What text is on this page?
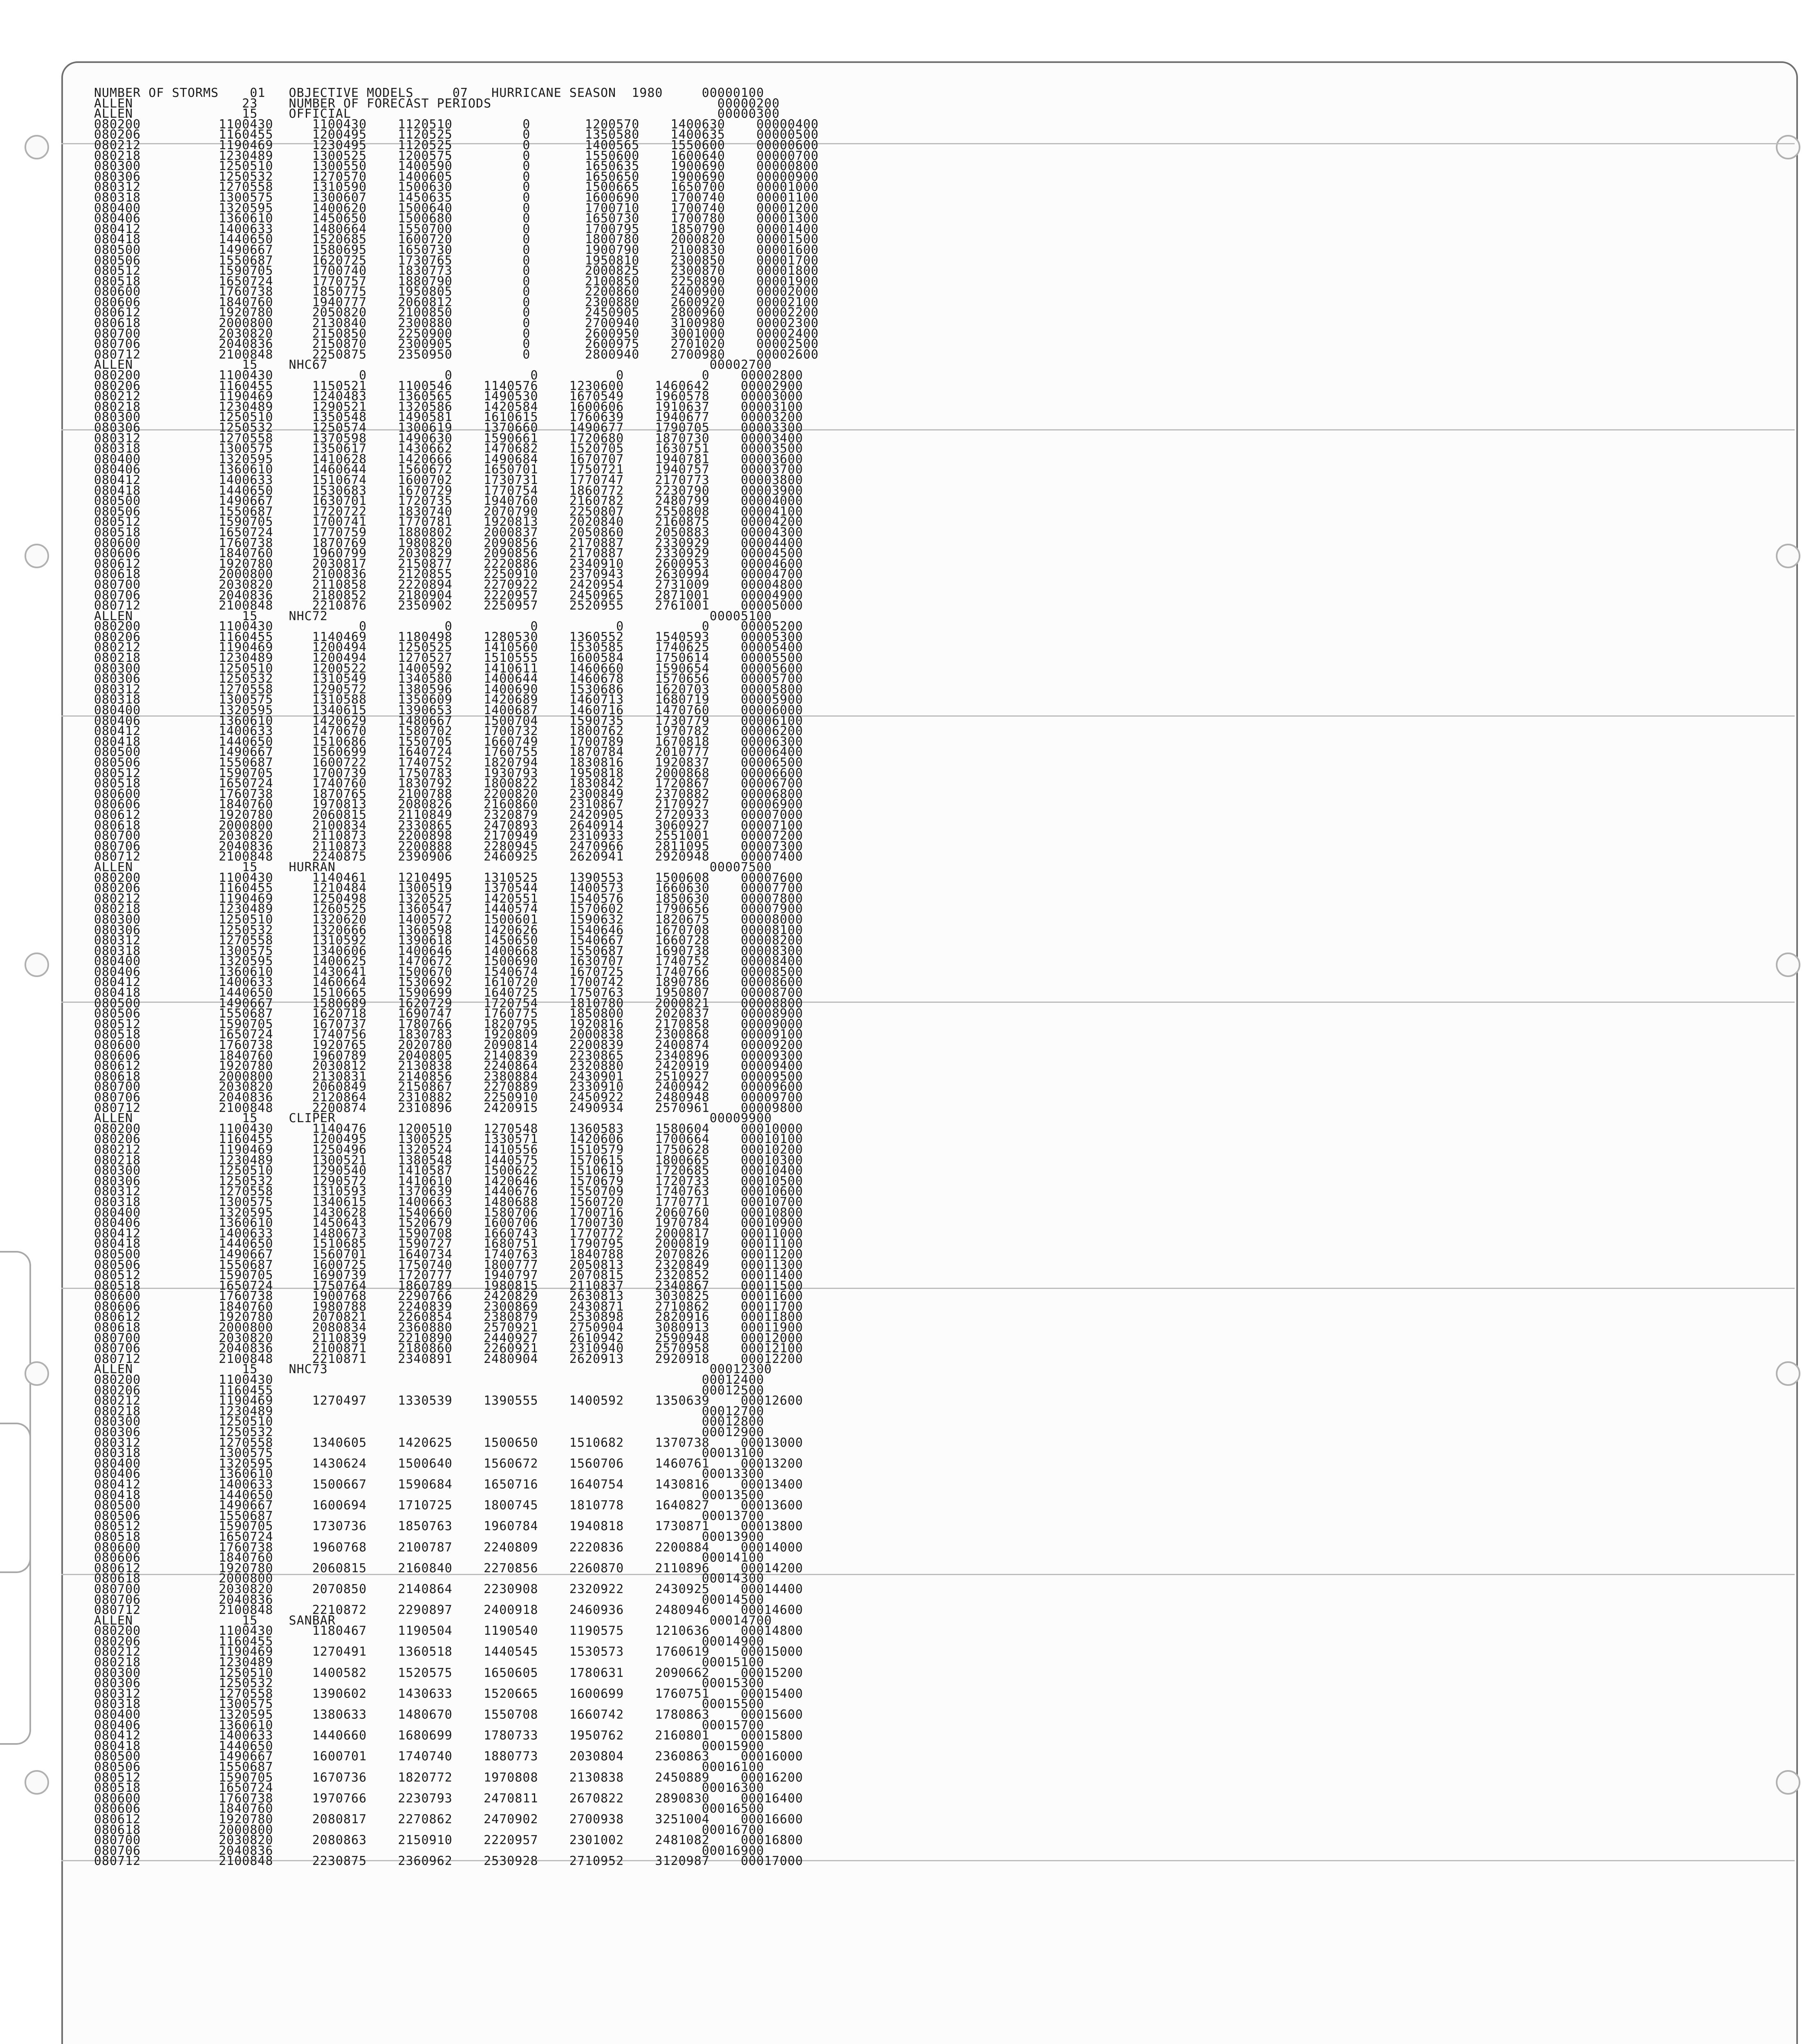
NUMBER OF STORMS    01   OBJECTIVE MODELS     07   HURRICANE SEASON  1980     00000100
ALLEN              23    NUMBER OF FORECAST PERIODS                             00000200
ALLEN              15    OFFICIAL                                               00000300
080200          1100430     1100430    1120510         0       1200570    1400630    00000400
080206          1160455     1200495    1120525         0       1350580    1400635    00000500
080212          1190469     1230495    1120525         0       1400565    1550600    00000600
080218          1230489     1300525    1200575         0       1550600    1600640    00000700
080300          1250510     1300550    1400590         0       1650635    1900690    00000800
080306          1250532     1270570    1400605         0       1650650    1900690    00000900
080312          1270558     1310590    1500630         0       1500665    1650700    00001000
080318          1300575     1300607    1450635         0       1600690    1700740    00001100
080400          1320595     1400620    1500640         0       1700710    1700740    00001200
080406          1360610     1450650    1500680         0       1650730    1700780    00001300
080412          1400633     1480664    1550700         0       1700795    1850790    00001400
080418          1440650     1520685    1600720         0       1800780    2000820    00001500
080500          1490667     1580695    1650730         0       1900790    2100830    00001600
080506          1550687     1620725    1730765         0       1950810    2300850    00001700
080512          1590705     1700740    1830773         0       2000825    2300870    00001800
080518          1650724     1770757    1880790         0       2100850    2250890    00001900
080600          1760738     1850775    1950805         0       2200860    2400900    00002000
080606          1840760     1940777    2060812         0       2300880    2600920    00002100
080612          1920780     2050820    2100850         0       2450905    2800960    00002200
080618          2000800     2130840    2300880         0       2700940    3100980    00002300
080700          2030820     2150850    2250900         0       2600950    3001000    00002400
080706          2040836     2150870    2300905         0       2600975    2701020    00002500
080712          2100848     2250875    2350950         0       2800940    2700980    00002600
ALLEN              15    NHC67                                                 00002700
080200          1100430           0          0          0          0          0    00002800
080206          1160455     1150521    1100546    1140576    1230600    1460642    00002900
080212          1190469     1240483    1360565    1490530    1670549    1960578    00003000
080218          1230489     1290521    1320586    1420584    1600606    1910637    00003100
080300          1250510     1350548    1490581    1610615    1760639    1940677    00003200
080306          1250532     1250574    1300619    1370660    1490677    1790705    00003300
080312          1270558     1370598    1490630    1590661    1720680    1870730    00003400
080318          1300575     1350617    1430662    1470682    1520705    1630751    00003500
080400          1320595     1410628    1420666    1490684    1670707    1940781    00003600
080406          1360610     1460644    1560672    1650701    1750721    1940757    00003700
080412          1400633     1510674    1600702    1730731    1770747    2170773    00003800
080418          1440650     1530683    1670729    1770754    1860772    2230790    00003900
080500          1490667     1630701    1720735    1940760    2160782    2480799    00004000
080506          1550687     1720722    1830740    2070790    2250807    2550808    00004100
080512          1590705     1700741    1770781    1920813    2020840    2160875    00004200
080518          1650724     1770759    1880802    2000837    2050860    2050883    00004300
080600          1760738     1870769    1980820    2090856    2170887    2330929    00004400
080606          1840760     1960799    2030829    2090856    2170887    2330929    00004500
080612          1920780     2030817    2150877    2220886    2340910    2600953    00004600
080618          2000800     2100836    2120855    2250910    2370943    2630994    00004700
080700          2030820     2110858    2220894    2270922    2420954    2731009    00004800
080706          2040836     2180852    2180904    2220957    2450965    2871001    00004900
080712          2100848     2210876    2350902    2250957    2520955    2761001    00005000
ALLEN              15    NHC72                                                 00005100
080200          1100430           0          0          0          0          0    00005200
080206          1160455     1140469    1180498    1280530    1360552    1540593    00005300
080212          1190469     1200494    1250525    1410560    1530585    1740625    00005400
080218          1230489     1200494    1270527    1510555    1600584    1750614    00005500
080300          1250510     1200522    1400592    1410611    1460660    1590654    00005600
080306          1250532     1310549    1340580    1400644    1460678    1570656    00005700
080312          1270558     1290572    1380596    1400690    1530686    1620703    00005800
080318          1300575     1310588    1350609    1420689    1460713    1680719    00005900
080400          1320595     1340615    1390653    1400687    1460716    1470760    00006000
080406          1360610     1420629    1480667    1500704    1590735    1730779    00006100
080412          1400633     1470670    1580702    1700732    1800762    1970782    00006200
080418          1440650     1510686    1550705    1660749    1700789    1670818    00006300
080500          1490667     1560699    1640724    1760755    1870784    2010777    00006400
080506          1550687     1600722    1740752    1820794    1830816    1920837    00006500
080512          1590705     1700739    1750783    1930793    1950818    2000868    00006600
080518          1650724     1740760    1830792    1800822    1830842    1720867    00006700
080600          1760738     1870765    2100788    2200820    2300849    2370882    00006800
080606          1840760     1970813    2080826    2160860    2310867    2170927    00006900
080612          1920780     2060815    2110849    2320879    2420905    2720933    00007000
080618          2000800     2100834    2330865    2470893    2640914    3060927    00007100
080700          2030820     2110873    2200898    2170949    2310933    2551001    00007200
080706          2040836     2110873    2200888    2280945    2470966    2811095    00007300
080712          2100848     2240875    2390906    2460925    2620941    2920948    00007400
ALLEN              15    HURRAN                                                00007500
080200          1100430     1140461    1210495    1310525    1390553    1500608    00007600
080206          1160455     1210484    1300519    1370544    1400573    1660630    00007700
080212          1190469     1250498    1320525    1420551    1540576    1850630    00007800
080218          1230489     1260525    1360547    1440574    1570602    1790656    00007900
080300          1250510     1320620    1400572    1500601    1590632    1820675    00008000
080306          1250532     1320666    1360598    1420626    1540646    1670708    00008100
080312          1270558     1310592    1390618    1450650    1540667    1660728    00008200
080318          1300575     1340606    1400646    1400668    1550687    1690738    00008300
080400          1320595     1400625    1470672    1500690    1630707    1740752    00008400
080406          1360610     1430641    1500670    1540674    1670725    1740766    00008500
080412          1400633     1460664    1530692    1610720    1700742    1890786    00008600
080418          1440650     1510665    1590699    1640725    1750763    1950807    00008700
080500          1490667     1580689    1620729    1720754    1810780    2000821    00008800
080506          1550687     1620718    1690747    1760775    1850800    2020837    00008900
080512          1590705     1670737    1780766    1820795    1920816    2170858    00009000
080518          1650724     1740756    1830783    1920809    2000838    2300868    00009100
080600          1760738     1920765    2020780    2090814    2200839    2400874    00009200
080606          1840760     1960789    2040805    2140839    2230865    2340896    00009300
080612          1920780     2030812    2130838    2240864    2320880    2420919    00009400
080618          2000800     2130831    2140856    2380884    2430901    2510927    00009500
080700          2030820     2060849    2150867    2270889    2330910    2400942    00009600
080706          2040836     2120864    2310882    2250910    2450922    2480948    00009700
080712          2100848     2200874    2310896    2420915    2490934    2570961    00009800
ALLEN              15    CLIPER                                                00009900
080200          1100430     1140476    1200510    1270548    1360583    1580604    00010000
080206          1160455     1200495    1300525    1330571    1420606    1700664    00010100
080212          1190469     1250496    1320524    1410556    1510579    1750628    00010200
080218          1230489     1300521    1380548    1440575    1570615    1800665    00010300
080300          1250510     1290540    1410587    1500622    1510619    1720685    00010400
080306          1250532     1290572    1410610    1420646    1570679    1720733    00010500
080312          1270558     1310593    1370639    1440676    1550709    1740763    00010600
080318          1300575     1340615    1400663    1480688    1560720    1770771    00010700
080400          1320595     1430628    1540660    1580706    1700716    2060760    00010800
080406          1360610     1450643    1520679    1600706    1700730    1970784    00010900
080412          1400633     1480673    1590708    1660743    1770772    2000817    00011000
080418          1440650     1510685    1590727    1680751    1790795    2000819    00011100
080500          1490667     1560701    1640734    1740763    1840788    2070826    00011200
080506          1550687     1600725    1750740    1800777    2050813    2320849    00011300
080512          1590705     1690739    1720777    1940797    2070815    2320852    00011400
080518          1650724     1750764    1860789    1980815    2110837    2340867    00011500
080600          1760738     1900768    2290766    2420829    2630813    3030825    00011600
080606          1840760     1980788    2240839    2300869    2430871    2710862    00011700
080612          1920780     2070821    2260854    2380879    2530898    2820916    00011800
080618          2000800     2080834    2360880    2570921    2750904    3080913    00011900
080700          2030820     2110839    2210890    2440927    2610942    2590948    00012000
080706          2040836     2100871    2180860    2260921    2310940    2570958    00012100
080712          2100848     2210871    2340891    2480904    2620913    2920918    00012200
ALLEN              15    NHC73                                                 00012300
080200          1100430                                                       00012400
080206          1160455                                                       00012500
080212          1190469     1270497    1330539    1390555    1400592    1350639    00012600
080218          1230489                                                       00012700
080300          1250510                                                       00012800
080306          1250532                                                       00012900
080312          1270558     1340605    1420625    1500650    1510682    1370738    00013000
080318          1300575                                                       00013100
080400          1320595     1430624    1500640    1560672    1560706    1460761    00013200
080406          1360610                                                       00013300
080412          1400633     1500667    1590684    1650716    1640754    1430816    00013400
080418          1440650                                                       00013500
080500          1490667     1600694    1710725    1800745    1810778    1640827    00013600
080506          1550687                                                       00013700
080512          1590705     1730736    1850763    1960784    1940818    1730871    00013800
080518          1650724                                                       00013900
080600          1760738     1960768    2100787    2240809    2220836    2200884    00014000
080606          1840760                                                       00014100
080612          1920780     2060815    2160840    2270856    2260870    2110896    00014200
080618          2000800                                                       00014300
080700          2030820     2070850    2140864    2230908    2320922    2430925    00014400
080706          2040836                                                       00014500
080712          2100848     2210872    2290897    2400918    2460936    2480946    00014600
ALLEN              15    SANBAR                                                00014700
080200          1100430     1180467    1190504    1190540    1190575    1210636    00014800
080206          1160455                                                       00014900
080212          1190469     1270491    1360518    1440545    1530573    1760619    00015000
080218          1230489                                                       00015100
080300          1250510     1400582    1520575    1650605    1780631    2090662    00015200
080306          1250532                                                       00015300
080312          1270558     1390602    1430633    1520665    1600699    1760751    00015400
080318          1300575                                                       00015500
080400          1320595     1380633    1480670    1550708    1660742    1780863    00015600
080406          1360610                                                       00015700
080412          1400633     1440660    1680699    1780733    1950762    2160801    00015800
080418          1440650                                                       00015900
080500          1490667     1600701    1740740    1880773    2030804    2360863    00016000
080506          1550687                                                       00016100
080512          1590705     1670736    1820772    1970808    2130838    2450889    00016200
080518          1650724                                                       00016300
080600          1760738     1970766    2230793    2470811    2670822    2890830    00016400
080606          1840760                                                       00016500
080612          1920780     2080817    2270862    2470902    2700938    3251004    00016600
080618          2000800                                                       00016700
080700          2030820     2080863    2150910    2220957    2301002    2481082    00016800
080706          2040836                                                       00016900
080712          2100848     2230875    2360962    2530928    2710952    3120987    00017000
